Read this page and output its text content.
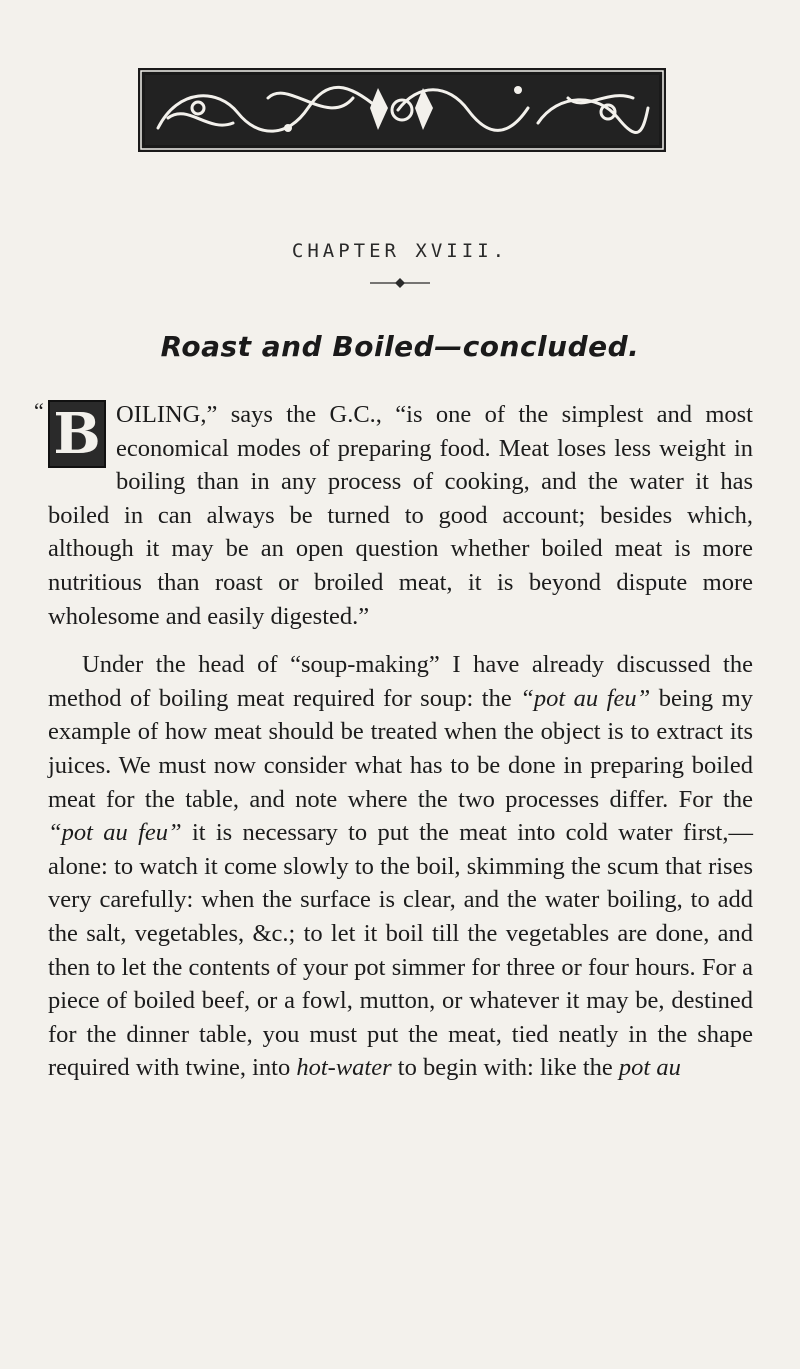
CHAPTER XVIII.
Roast and Boiled—concluded.

“ B OILING,” says the G.C., “is one of the simplest and most economical modes of preparing food. Meat loses less weight in boiling than in any process of cooking, and the water it has boiled in can always be turned to good account; besides which, although it may be an open question whether boiled meat is more nutritious than roast or broiled meat, it is beyond dispute more wholesome and easily digested.”

Under the head of “soup-making” I have already discussed the method of boiling meat required for soup: the “pot au feu” being my example of how meat should be treated when the object is to extract its juices. We must now consider what has to be done in preparing boiled meat for the table, and note where the two processes differ. For the “pot au feu” it is necessary to put the meat into cold water first,—alone: to watch it come slowly to the boil, skimming the scum that rises very carefully: when the surface is clear, and the water boiling, to add the salt, vegetables, &c.; to let it boil till the vegetables are done, and then to let the contents of your pot simmer for three or four hours. For a piece of boiled beef, or a fowl, mutton, or whatever it may be, destined for the dinner table, you must put the meat, tied neatly in the shape required with twine, into hot-water to begin with: like the pot au
